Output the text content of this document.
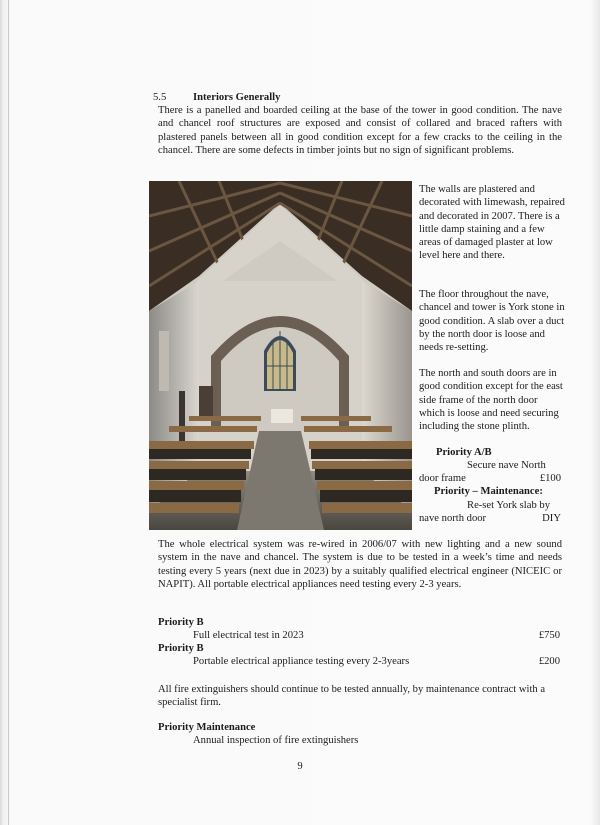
5.5	Interiors Generally
There is a panelled and boarded ceiling at the base of the tower in good condition. The nave and chancel roof structures are exposed and consist of collared and braced rafters with plastered panels between all in good condition except for a few cracks to the ceiling in the chancel. There are some defects in timber joints but no sign of significant problems.
The walls are plastered and decorated with limewash, repaired and decorated in 2007. There is a little damp staining and a few areas of damaged plaster at low level here and there.
The floor throughout the nave, chancel and tower is York stone in good condition. A slab over a duct by the north door is loose and needs re-setting.
The north and south doors are in good condition except for the east side frame of the north door which is loose and need securing including the stone plinth.
Priority A/B
Secure nave North
door frame	£100
Priority – Maintenance:
Re-set York slab by
nave north door	DIY
The whole electrical system was re-wired in 2006/07 with new lighting and a new sound system in the nave and chancel. The system is due to be tested in a week’s time and needs testing every 5 years (next due in 2023) by a suitably qualified electrical engineer (NICEIC or NAPIT). All portable electrical appliances need testing every 2-3 years.
Priority B
Full electrical test in 2023	£750
Priority B
Portable electrical appliance testing every 2-3years	£200
All fire extinguishers should continue to be tested annually, by maintenance contract with a specialist firm.
Priority Maintenance
Annual inspection of fire extinguishers
9
